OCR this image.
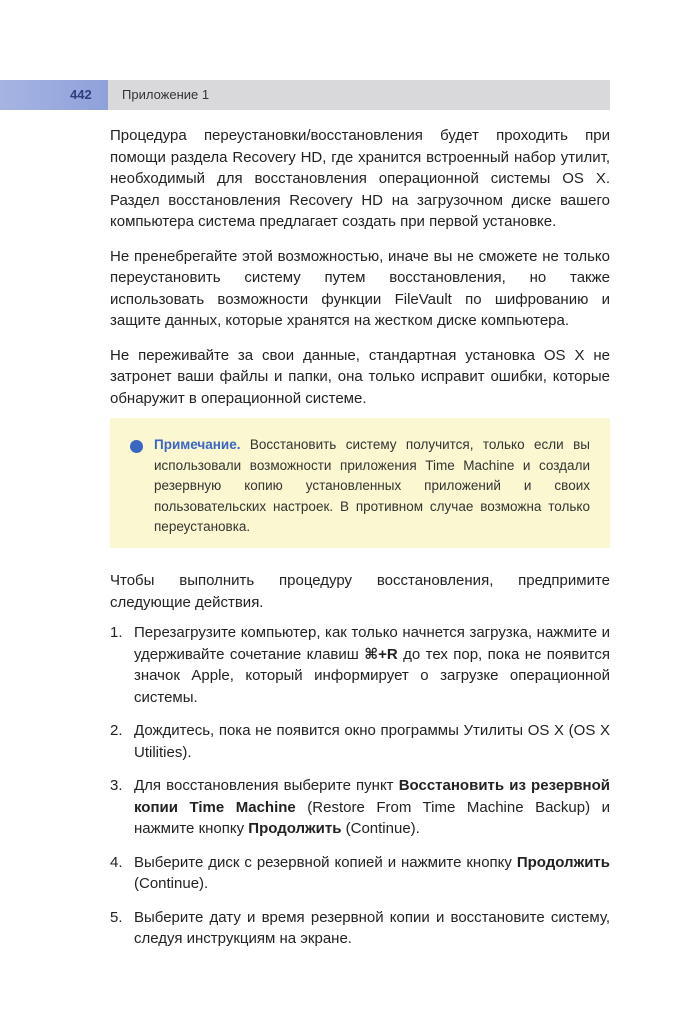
442 Приложение 1

Процедура переустановки/восстановления будет проходить при помощи раздела Recovery HD, где хранится встроенный набор утилит, необходимый для восстановления операционной системы OS X. Раздел восстановления Recovery HD на загрузочном диске вашего компьютера система предлагает создать при первой установке.

Не пренебрегайте этой возможностью, иначе вы не сможете не только переустановить систему путем восстановления, но также использовать возможности функции FileVault по шифрованию и защите данных, которые хранятся на жестком диске компьютера.

Не переживайте за свои данные, стандартная установка OS X не затронет ваши файлы и папки, она только исправит ошибки, которые обнаружит в операционной системе.

Примечание. Восстановить систему получится, только если вы использовали возможности приложения Time Machine и создали резервную копию установленных приложений и своих пользовательских настроек. В противном случае возможна только переустановка.

Чтобы выполнить процедуру восстановления, предпримите следующие действия.

1. Перезагрузите компьютер, как только начнется загрузка, нажмите и удерживайте сочетание клавиш ⌘+R до тех пор, пока не появится значок Apple, который информирует о загрузке операционной системы.
2. Дождитесь, пока не появится окно программы Утилиты OS X (OS X Utilities).
3. Для восстановления выберите пункт Восстановить из резервной копии Time Machine (Restore From Time Machine Backup) и нажмите кнопку Продолжить (Continue).
4. Выберите диск с резервной копией и нажмите кнопку Продолжить (Continue).
5. Выберите дату и время резервной копии и восстановите систему, следуя инструкциям на экране.
